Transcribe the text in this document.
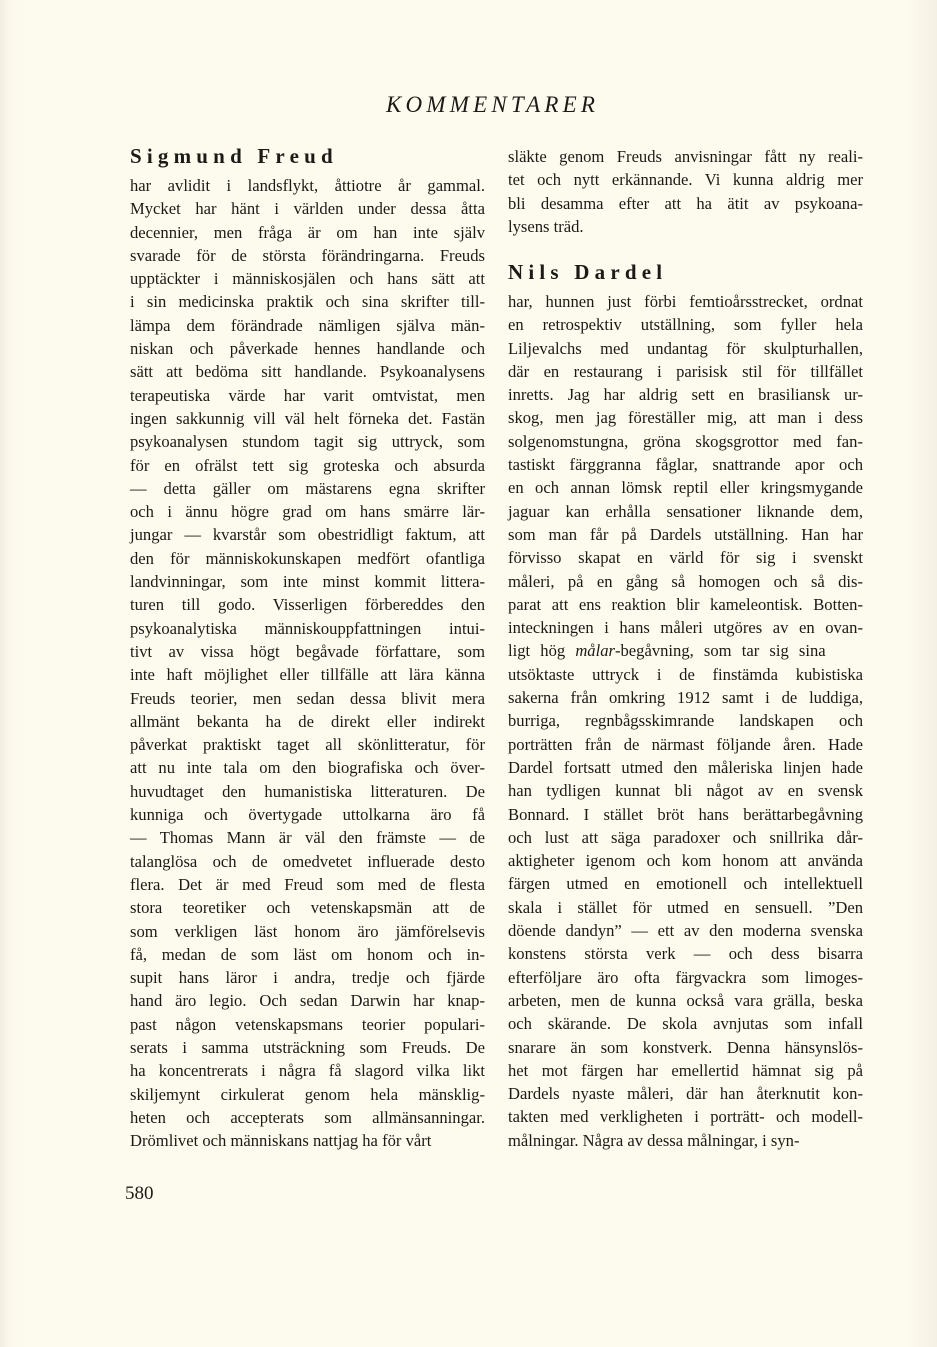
KOMMENTARER
Sigmund Freud
har avlidit i landsflykt, åttiotre år gammal.
Mycket har hänt i världen under dessa åtta
decennier, men fråga är om han inte själv
svarade för de största förändringarna. Freuds
upptäckter i människosjälen och hans sätt att
i sin medicinska praktik och sina skrifter till-
lämpa dem förändrade nämligen själva män-
niskan och påverkade hennes handlande och
sätt att bedöma sitt handlande. Psykoanalysens
terapeutiska värde har varit omtvistat, men
ingen sakkunnig vill väl helt förneka det. Fastän
psykoanalysen stundom tagit sig uttryck, som
för en ofrälst tett sig groteska och absurda
— detta gäller om mästarens egna skrifter
och i ännu högre grad om hans smärre lär-
jungar — kvarstår som obestridligt faktum, att
den för människokunskapen medfört ofantliga
landvinningar, som inte minst kommit littera-
turen till godo. Visserligen förbereddes den
psykoanalytiska människouppfattningen intui-
tivt av vissa högt begåvade författare, som
inte haft möjlighet eller tillfälle att lära känna
Freuds teorier, men sedan dessa blivit mera
allmänt bekanta ha de direkt eller indirekt
påverkat praktiskt taget all skönlitteratur, för
att nu inte tala om den biografiska och över-
huvudtaget den humanistiska litteraturen. De
kunniga och övertygade uttolkarna äro få
— Thomas Mann är väl den främste — de
talanglösa och de omedvetet influerade desto
flera. Det är med Freud som med de flesta
stora teoretiker och vetenskapsmän att de
som verkligen läst honom äro jämförelsevis
få, medan de som läst om honom och in-
supit hans läror i andra, tredje och fjärde
hand äro legio. Och sedan Darwin har knap-
past någon vetenskapsmans teorier populari-
serats i samma utsträckning som Freuds. De
ha koncentrerats i några få slagord vilka likt
skiljemynt cirkulerat genom hela mänsklig-
heten och accepterats som allmänsanningar.
Drömlivet och människans nattjag ha för vårt
släkte genom Freuds anvisningar fått ny reali-
tet och nytt erkännande. Vi kunna aldrig mer
bli desamma efter att ha ätit av psykoana-
lysens träd.
Nils Dardel
har, hunnen just förbi femtioårsstrecket, ordnat
en retrospektiv utställning, som fyller hela
Liljevalchs med undantag för skulpturhallen,
där en restaurang i parisisk stil för tillfället
inretts. Jag har aldrig sett en brasiliansk ur-
skog, men jag föreställer mig, att man i dess
solgenomstungna, gröna skogsgrottor med fan-
tastiskt färggranna fåglar, snattrande apor och
en och annan lömsk reptil eller kringsmygande
jaguar kan erhålla sensationer liknande dem,
som man får på Dardels utställning. Han har
förvisso skapat en värld för sig i svenskt
måleri, på en gång så homogen och så dis-
parat att ens reaktion blir kameleontisk. Botten-
inteckningen i hans måleri utgöres av en ovan-
ligt hög målar-begåvning, som tar sig sina
utsöktaste uttryck i de finstämda kubistiska
sakerna från omkring 1912 samt i de luddiga,
burriga, regnbågsskimrande landskapen och
porträtten från de närmast följande åren. Hade
Dardel fortsatt utmed den måleriska linjen hade
han tydligen kunnat bli något av en svensk
Bonnard. I stället bröt hans berättarbegåvning
och lust att säga paradoxer och snillrika dår-
aktigheter igenom och kom honom att använda
färgen utmed en emotionell och intellektuell
skala i stället för utmed en sensuell. ”Den
döende dandyn” — ett av den moderna svenska
konstens största verk — och dess bisarra
efterföljare äro ofta färgvackra som limoges-
arbeten, men de kunna också vara grälla, beska
och skärande. De skola avnjutas som infall
snarare än som konstverk. Denna hänsynslös-
het mot färgen har emellertid hämnat sig på
Dardels nyaste måleri, där han återknutit kon-
takten med verkligheten i porträtt- och modell-
målningar. Några av dessa målningar, i syn-
580
